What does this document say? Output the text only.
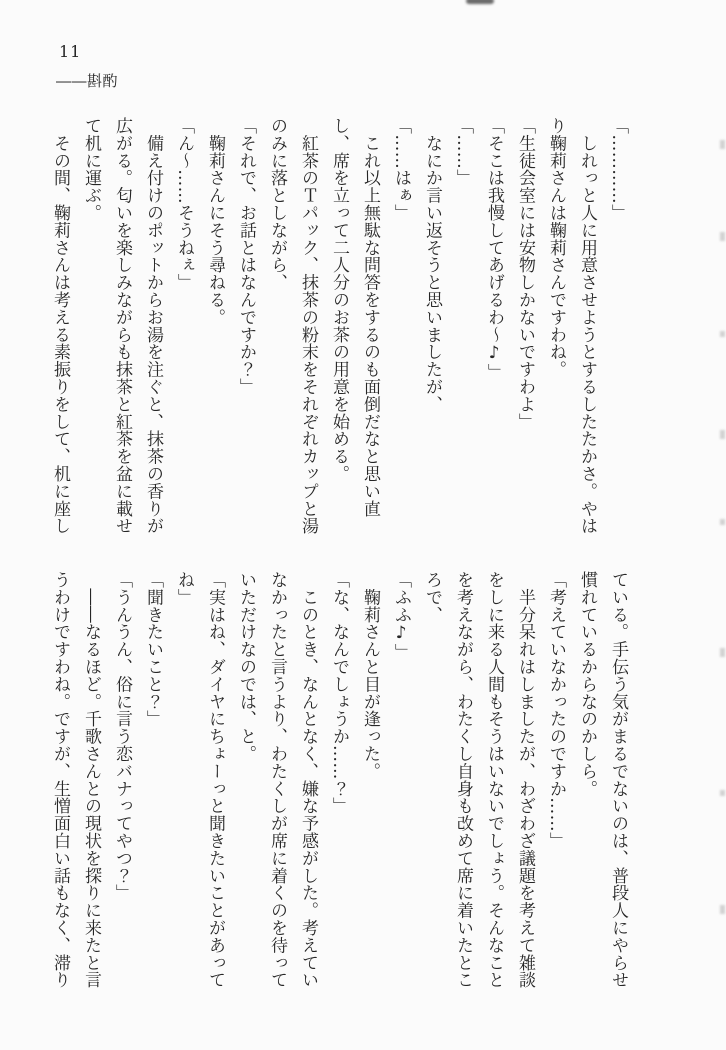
11
――斟酌

「…………」

　しれっと人に用意させようとするしたたかさ。やは

り鞠莉さんは鞠莉さんですわね。

「生徒会室には安物しかないですわよ」

「そこは我慢してあげるわ～♪」

「……」

　なにか言い返そうと思いましたが、

「……はぁ」

　これ以上無駄な問答をするのも面倒だなと思い直

し、席を立って二人分のお茶の用意を始める。

　紅茶のＴパック、抹茶の粉末をそれぞれカップと湯

のみに落としながら、

「それで、お話とはなんですか？」

　鞠莉さんにそう尋ねる。

「ん～……そうねぇ」

　備え付けのポットからお湯を注ぐと、抹茶の香りが

広がる。匂いを楽しみながらも抹茶と紅茶を盆に載せ

て机に運ぶ。

　その間、鞠莉さんは考える素振りをして、机に座し

ている。手伝う気がまるでないのは、普段人にやらせ

慣れているからなのかしら。

「考えていなかったのですか……」

　半分呆れはしましたが、わざわざ議題を考えて雑談

をしに来る人間もそうはいないでしょう。そんなこと

を考えながら、わたくし自身も改めて席に着いたとこ

ろで、

「ふふ♪」

　鞠莉さんと目が逢った。

「な、なんでしょうか……？」

　このとき、なんとなく、嫌な予感がした。考えてい

なかったと言うより、わたくしが席に着くのを待って

いただけなのでは、と。

「実はね、ダイヤにちょーっと聞きたいことがあって

ね」

「聞きたいこと？」

「うんうん、俗に言う恋バナってやつ？」

　――なるほど。千歌さんとの現状を探りに来たと言

うわけですわね。ですが、生憎面白い話もなく、滞り
